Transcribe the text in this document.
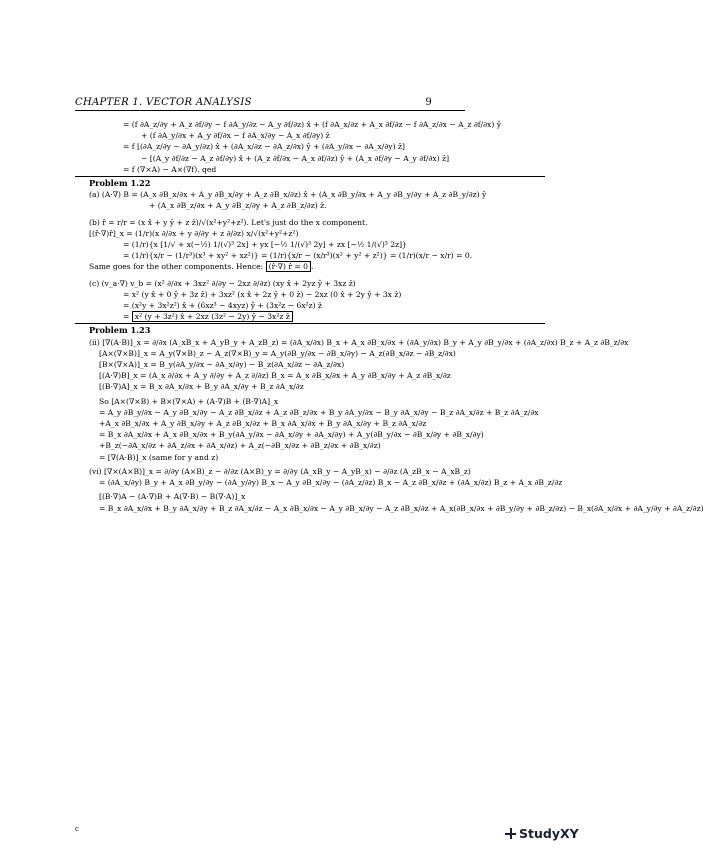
CHAPTER 1. VECTOR ANALYSIS	9
= (f ∂A_z/∂y + A_z ∂f/∂y − f ∂A_y/∂z − A_y ∂f/∂z) x̂ + (f ∂A_x/∂z + A_x ∂f/∂z − f ∂A_z/∂x − A_z ∂f/∂x) ŷ
+ (f ∂A_y/∂x + A_y ∂f/∂x − f ∂A_x/∂y − A_x ∂f/∂y) ẑ
= f [(∂A_z/∂y − ∂A_y/∂z) x̂ + (∂A_x/∂z − ∂A_z/∂x) ŷ + (∂A_y/∂x − ∂A_x/∂y) ẑ]
− [(A_y ∂f/∂z − A_z ∂f/∂y) x̂ + (A_z ∂f/∂x − A_x ∂f/∂z) ŷ + (A_x ∂f/∂y − A_y ∂f/∂x) ẑ]
= f (∇×A) − A×(∇f). qed
Problem 1.22
(a) (A·∇) B = (A_x ∂B_x/∂x + A_y ∂B_x/∂y + A_z ∂B_x/∂z) x̂ + (A_x ∂B_y/∂x + A_y ∂B_y/∂y + A_z ∂B_y/∂z) ŷ
+ (A_x ∂B_z/∂x + A_y ∂B_z/∂y + A_z ∂B_z/∂z) ẑ.
(b) r̂ = r/r = (x x̂ + y ŷ + z ẑ)/√(x²+y²+z²). Let's just do the x component.
[(r̂·∇)r̂]_x = (1/r)(x ∂/∂x + y ∂/∂y + z ∂/∂z) x/√(x²+y²+z²)
= (1/r){x [1/√ + x(−½) 1/(√)³ 2x] + yx [−½ 1/(√)³ 2y] + zx [−½ 1/(√)³ 2z]}
= (1/r){x/r − (1/r³)(x³ + xy² + xz²)} = (1/r){x/r − (x/r³)(x² + y² + z²)} = (1/r)(x/r − x/r) = 0.
Same goes for the other components. Hence: (r̂·∇) r̂ = 0 .
(c) (v_a·∇) v_b = (x² ∂/∂x + 3xz² ∂/∂y − 2xz ∂/∂z) (xy x̂ + 2yz ŷ + 3xz ẑ)
= x² (y x̂ + 0 ŷ + 3z ẑ) + 3xz² (x x̂ + 2z ŷ + 0 ẑ) − 2xz (0 x̂ + 2y ŷ + 3x ẑ)
= (x²y + 3x²z²) x̂ + (6xz³ − 4xyz) ŷ + (3x²z − 6x²z) ẑ
= x² (y + 3z²) x̂ + 2xz (3z² − 2y) ŷ − 3x²z ẑ
Problem 1.23
(ii) [∇(A·B)]_x = ∂/∂x (A_xB_x + A_yB_y + A_zB_z) = (∂A_x/∂x) B_x + A_x ∂B_x/∂x + (∂A_y/∂x) B_y + A_y ∂B_y/∂x + (∂A_z/∂x) B_z + A_z ∂B_z/∂x
[A×(∇×B)]_x = A_y(∇×B)_z − A_z(∇×B)_y = A_y(∂B_y/∂x − ∂B_x/∂y) − A_z(∂B_x/∂z − ∂B_z/∂x)
[B×(∇×A)]_x = B_y(∂A_y/∂x − ∂A_x/∂y) − B_z(∂A_x/∂z − ∂A_z/∂x)
[(A·∇)B]_x = (A_x ∂/∂x + A_y ∂/∂y + A_z ∂/∂z) B_x = A_x ∂B_x/∂x + A_y ∂B_x/∂y + A_z ∂B_x/∂z
[(B·∇)A]_x = B_x ∂A_x/∂x + B_y ∂A_x/∂y + B_z ∂A_x/∂z
So [A×(∇×B) + B×(∇×A) + (A·∇)B + (B·∇)A]_x
= A_y ∂B_y/∂x − A_y ∂B_x/∂y − A_z ∂B_x/∂z + A_z ∂B_z/∂x + B_y ∂A_y/∂x − B_y ∂A_x/∂y − B_z ∂A_x/∂z + B_z ∂A_z/∂x
+A_x ∂B_x/∂x + A_y ∂B_x/∂y + A_z ∂B_x/∂z + B_x ∂A_x/∂x + B_y ∂A_x/∂y + B_z ∂A_x/∂z
= B_x ∂A_x/∂x + A_x ∂B_x/∂x + B_y(∂A_y/∂x − ∂A_x/∂y + ∂A_x/∂y) + A_y(∂B_y/∂x − ∂B_x/∂y + ∂B_x/∂y)
+B_z(−∂A_x/∂z + ∂A_z/∂x + ∂A_x/∂z) + A_z(−∂B_x/∂z + ∂B_z/∂x + ∂B_x/∂z)
= [∇(A·B)]_x (same for y and z)
(vi) [∇×(A×B)]_x = ∂/∂y (A×B)_z − ∂/∂z (A×B)_y = ∂/∂y (A_xB_y − A_yB_x) − ∂/∂z (A_zB_x − A_xB_z)
= (∂A_x/∂y) B_y + A_x ∂B_y/∂y − (∂A_y/∂y) B_x − A_y ∂B_x/∂y − (∂A_z/∂z) B_x − A_z ∂B_x/∂z + (∂A_x/∂z) B_z + A_x ∂B_z/∂z
[(B·∇)A − (A·∇)B + A(∇·B) − B(∇·A)]_x
= B_x ∂A_x/∂x + B_y ∂A_x/∂y + B_z ∂A_x/∂z − A_x ∂B_x/∂x − A_y ∂B_x/∂y − A_z ∂B_x/∂z + A_x(∂B_x/∂x + ∂B_y/∂y + ∂B_z/∂z) − B_x(∂A_x/∂x + ∂A_y/∂y + ∂A_z/∂z)
c	StudyXY
